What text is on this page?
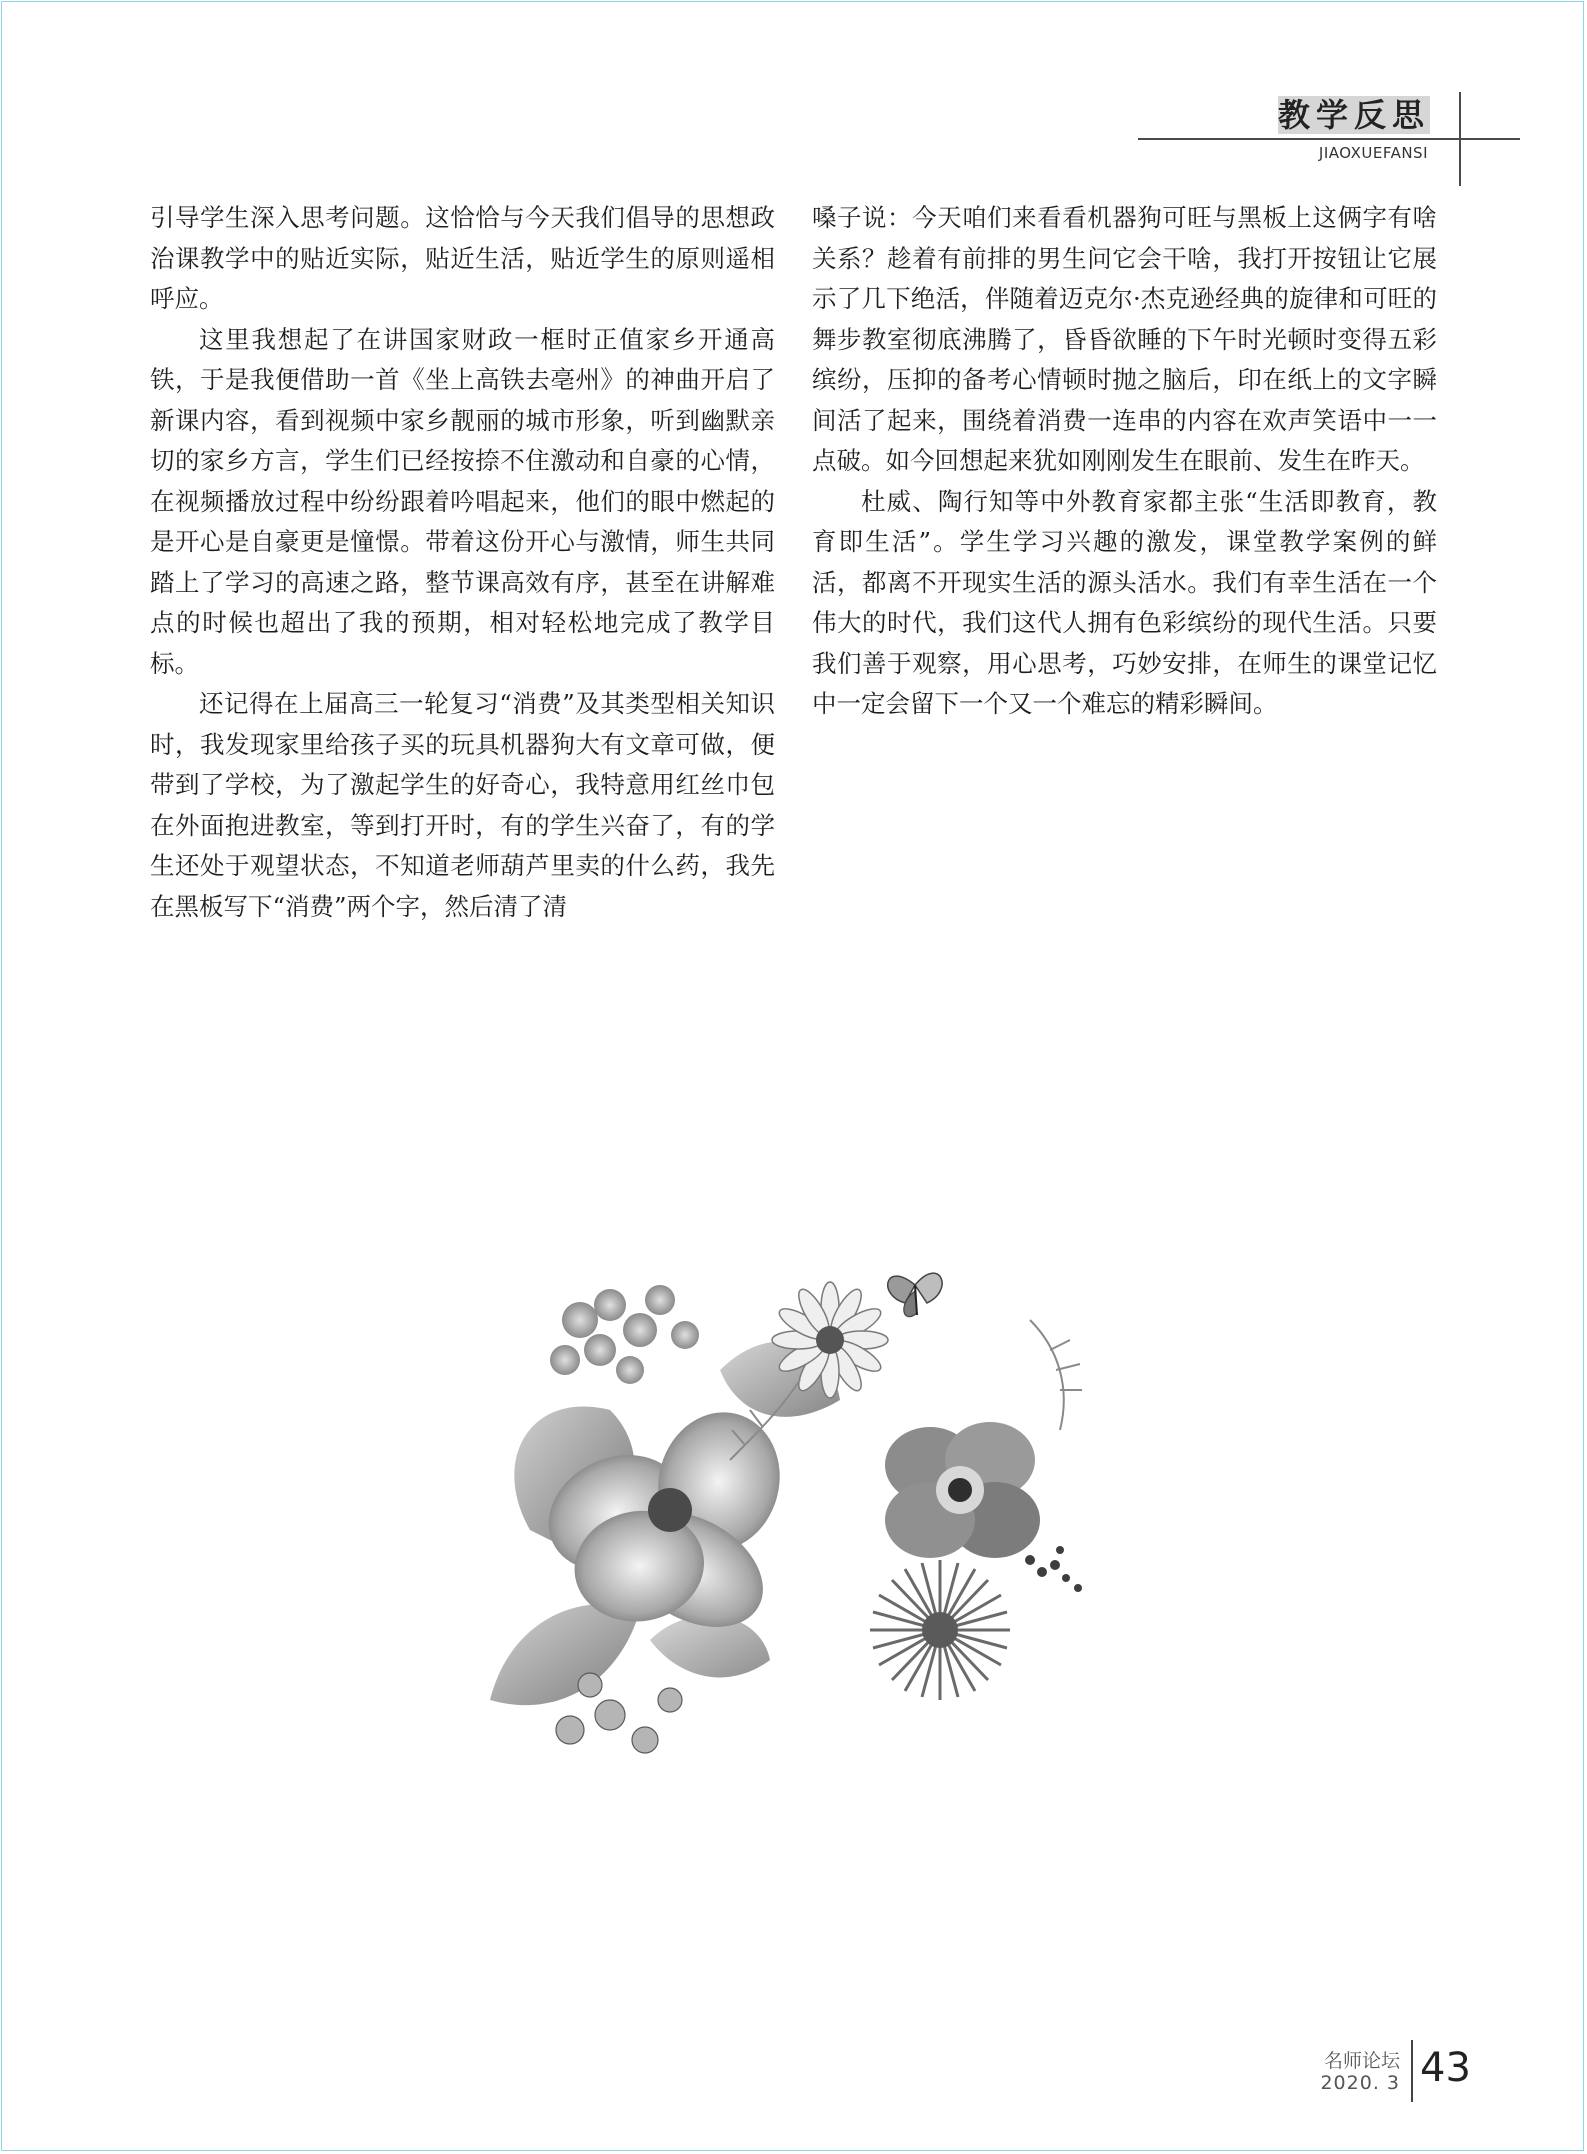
教学反思
JIAOXUEFANSI

引导学生深入思考问题。这恰恰与今天我们倡导的思想政治课教学中的贴近实际，贴近生活，贴近学生的原则遥相呼应。

这里我想起了在讲国家财政一框时正值家乡开通高铁，于是我便借助一首《坐上高铁去亳州》的神曲开启了新课内容，看到视频中家乡靓丽的城市形象，听到幽默亲切的家乡方言，学生们已经按捺不住激动和自豪的心情，在视频播放过程中纷纷跟着吟唱起来，他们的眼中燃起的是开心是自豪更是憧憬。带着这份开心与激情，师生共同踏上了学习的高速之路，整节课高效有序，甚至在讲解难点的时候也超出了我的预期，相对轻松地完成了教学目标。

还记得在上届高三一轮复习“消费”及其类型相关知识时，我发现家里给孩子买的玩具机器狗大有文章可做，便带到了学校，为了激起学生的好奇心，我特意用红丝巾包在外面抱进教室，等到打开时，有的学生兴奋了，有的学生还处于观望状态，不知道老师葫芦里卖的什么药，我先在黑板写下“消费”两个字，然后清了清

嗓子说：今天咱们来看看机器狗可旺与黑板上这俩字有啥关系？趁着有前排的男生问它会干啥，我打开按钮让它展示了几下绝活，伴随着迈克尔·杰克逊经典的旋律和可旺的舞步教室彻底沸腾了，昏昏欲睡的下午时光顿时变得五彩缤纷，压抑的备考心情顿时抛之脑后，印在纸上的文字瞬间活了起来，围绕着消费一连串的内容在欢声笑语中一一点破。如今回想起来犹如刚刚发生在眼前、发生在昨天。

杜威、陶行知等中外教育家都主张“生活即教育，教育即生活”。学生学习兴趣的激发，课堂教学案例的鲜活，都离不开现实生活的源头活水。我们有幸生活在一个伟大的时代，我们这代人拥有色彩缤纷的现代生活。只要我们善于观察，用心思考，巧妙安排，在师生的课堂记忆中一定会留下一个又一个难忘的精彩瞬间。

名师论坛
2020. 3 43
